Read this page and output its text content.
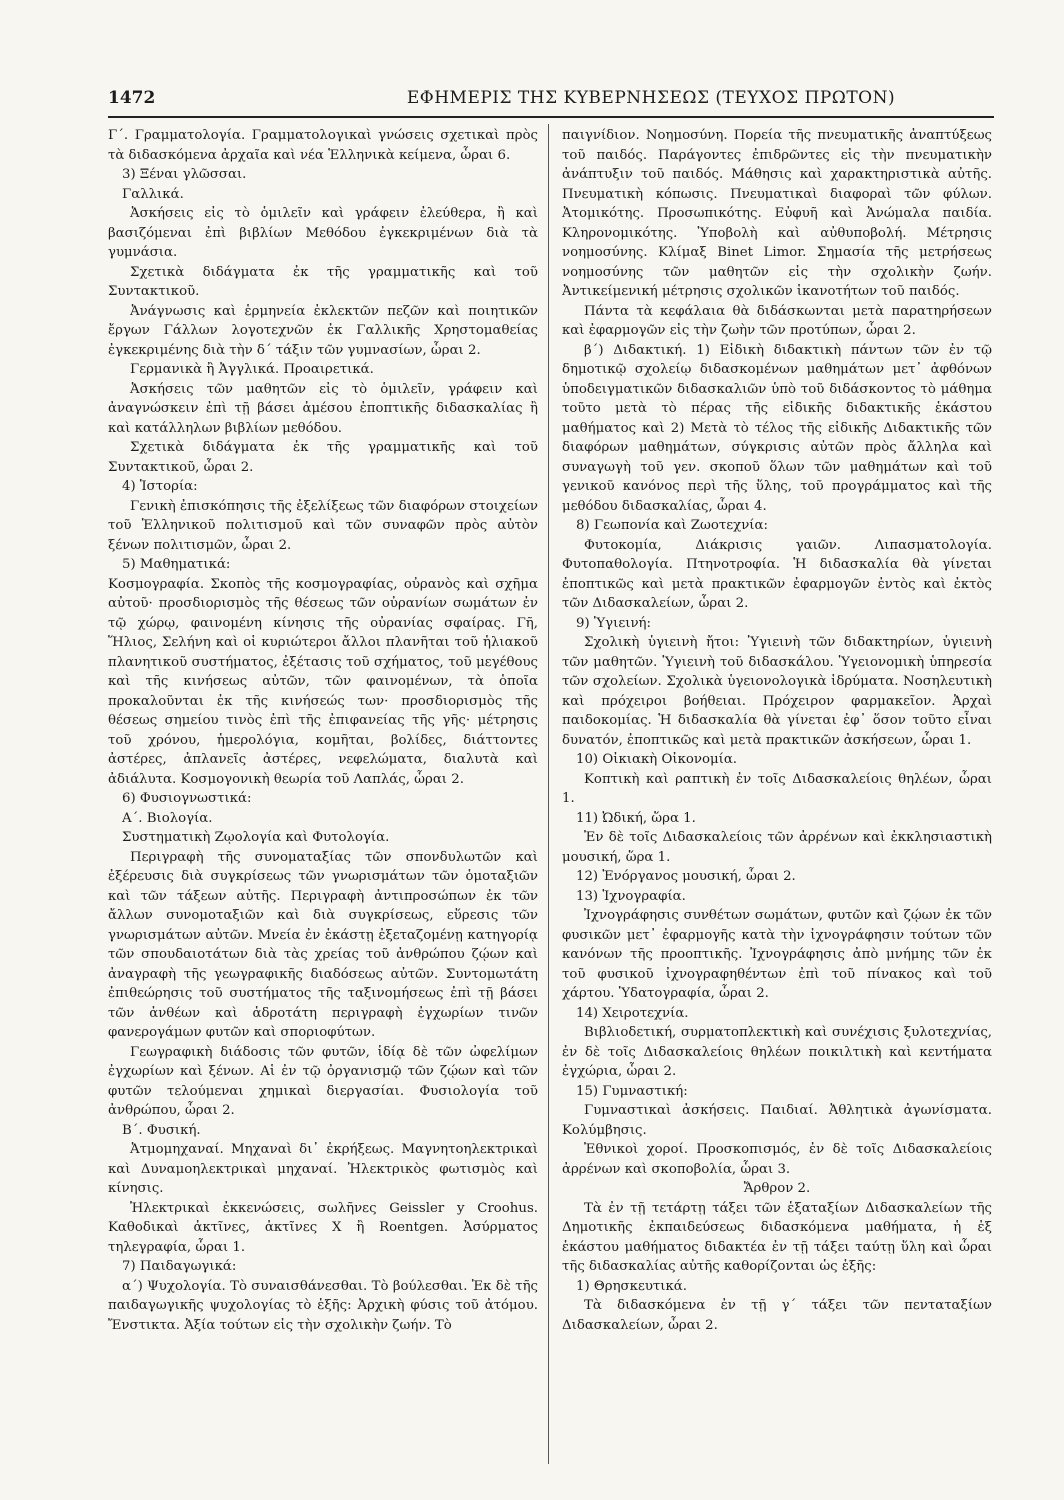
1472	ΕΦΗΜΕΡΙΣ ΤΗΣ ΚΥΒΕΡΝΗΣΕΩΣ (ΤΕΥΧΟΣ ΠΡΩΤΟΝ)

Γ΄. Γραμματολογία. Γραμματολογικαὶ γνώσεις σχετικαὶ πρὸς τὰ διδασκόμενα ἀρχαῖα καὶ νέα Ἑλληνικὰ κείμενα, ὧραι 6.

3) Ξέναι γλῶσσαι.

Γαλλικά.

Ἀσκήσεις εἰς τὸ ὁμιλεῖν καὶ γράφειν ἐλεύθερα, ἢ καὶ βασιζόμεναι ἐπὶ βιβλίων Μεθόδου ἐγκεκριμένων διὰ τὰ γυμνάσια.

Σχετικὰ διδάγματα ἐκ τῆς γραμματικῆς καὶ τοῦ Συντακτικοῦ.

Ἀνάγνωσις καὶ ἑρμηνεία ἐκλεκτῶν πεζῶν καὶ ποιητικῶν ἔργων Γάλλων λογοτεχνῶν ἐκ Γαλλικῆς Χρηστομαθείας ἐγκεκριμένης διὰ τὴν δ΄ τάξιν τῶν γυμνασίων, ὧραι 2.

Γερμανικὰ ἢ Ἀγγλικά. Προαιρετικά.

Ἀσκήσεις τῶν μαθητῶν εἰς τὸ ὁμιλεῖν, γράφειν καὶ ἀναγνώσκειν ἐπὶ τῇ βάσει ἀμέσου ἐποπτικῆς διδασκαλίας ἢ καὶ κατάλληλων βιβλίων μεθόδου.

Σχετικὰ διδάγματα ἐκ τῆς γραμματικῆς καὶ τοῦ Συντακτικοῦ, ὧραι 2.

4) Ἱστορία:

Γενικὴ ἐπισκόπησις τῆς ἐξελίξεως τῶν διαφόρων στοιχείων τοῦ Ἑλληνικοῦ πολιτισμοῦ καὶ τῶν συναφῶν πρὸς αὐτὸν ξένων πολιτισμῶν, ὧραι 2.

5) Μαθηματικά:

Κοσμογραφία. Σκοπὸς τῆς κοσμογραφίας, οὐρανὸς καὶ σχῆμα αὐτοῦ· προσδιορισμὸς τῆς θέσεως τῶν οὐρανίων σωμάτων ἐν τῷ χώρῳ, φαινομένη κίνησις τῆς οὐρανίας σφαίρας. Γῆ, Ἥλιος, Σελήνη καὶ οἱ κυριώτεροι ἄλλοι πλανῆται τοῦ ἡλιακοῦ πλανητικοῦ συστήματος, ἐξέτασις τοῦ σχήματος, τοῦ μεγέθους καὶ τῆς κινήσεως αὐτῶν, τῶν φαινομένων, τὰ ὁποῖα προκαλοῦνται ἐκ τῆς κινήσεώς των· προσδιορισμὸς τῆς θέσεως σημείου τινὸς ἐπὶ τῆς ἐπιφανείας τῆς γῆς· μέτρησις τοῦ χρόνου, ἡμερολόγια, κομῆται, βολίδες, διάττοντες ἀστέρες, ἀπλανεῖς ἀστέρες, νεφελώματα, διαλυτὰ καὶ ἀδιάλυτα. Κοσμογονικὴ θεωρία τοῦ Λαπλάς, ὧραι 2.

6) Φυσιογνωστικά:

Α΄. Βιολογία.

Συστηματικὴ Ζῳολογία καὶ Φυτολογία.

Περιγραφὴ τῆς συνοματαξίας τῶν σπονδυλωτῶν καὶ ἐξέρευσις διὰ συγκρίσεως τῶν γνωρισμάτων τῶν ὁμοταξιῶν καὶ τῶν τάξεων αὐτῆς. Περιγραφὴ ἀντιπροσώπων ἐκ τῶν ἄλλων συνομοταξιῶν καὶ διὰ συγκρίσεως, εὕρεσις τῶν γνωρισμάτων αὐτῶν. Μνεία ἐν ἑκάστῃ ἐξεταζομένῃ κατηγορίᾳ τῶν σπουδαιοτάτων διὰ τὰς χρείας τοῦ ἀνθρώπου ζῴων καὶ ἀναγραφὴ τῆς γεωγραφικῆς διαδόσεως αὐτῶν. Συντομωτάτη ἐπιθεώρησις τοῦ συστήματος τῆς ταξινομήσεως ἐπὶ τῇ βάσει τῶν ἀνθέων καὶ ἁδροτάτη περιγραφὴ ἐγχωρίων τινῶν φανερογάμων φυτῶν καὶ σποριοφύτων.

Γεωγραφικὴ διάδοσις τῶν φυτῶν, ἰδίᾳ δὲ τῶν ὠφελίμων ἐγχωρίων καὶ ξένων. Αἱ ἐν τῷ ὀργανισμῷ τῶν ζῴων καὶ τῶν φυτῶν τελούμεναι χημικαὶ διεργασίαι. Φυσιολογία τοῦ ἀνθρώπου, ὧραι 2.

Β΄. Φυσική.

Ἀτμομηχαναί. Μηχαναὶ δι᾽ ἐκρήξεως. Μαγνητοηλεκτρικαὶ καὶ Δυναμοηλεκτρικαὶ μηχαναί. Ἠλεκτρικὸς φωτισμὸς καὶ κίνησις.

Ἠλεκτρικαὶ ἐκκενώσεις, σωλῆνες Geissler y Croohus. Καθοδικαὶ ἀκτῖνες, ἀκτῖνες Χ ἢ Roentgen. Ἀσύρματος τηλεγραφία, ὧραι 1.

7) Παιδαγωγικά:

α΄) Ψυχολογία. Τὸ συναισθάνεσθαι. Τὸ βούλεσθαι. Ἐκ δὲ τῆς παιδαγωγικῆς ψυχολογίας τὸ ἑξῆς: Ἀρχικὴ φύσις τοῦ ἀτόμου. Ἔνστικτα. Ἀξία τούτων εἰς τὴν σχολικὴν ζωήν. Τὸ

παιγνίδιον. Νοημοσύνη. Πορεία τῆς πνευματικῆς ἀναπτύξεως τοῦ παιδός. Παράγοντες ἐπιδρῶντες εἰς τὴν πνευματικὴν ἀνάπτυξιν τοῦ παιδός. Μάθησις καὶ χαρακτηριστικὰ αὐτῆς. Πνευματικὴ κόπωσις. Πνευματικαὶ διαφοραὶ τῶν φύλων. Ἀτομικότης. Προσωπικότης. Εὐφυῆ καὶ Ἀνώμαλα παιδία. Κληρονομικότης. Ὑποβολὴ καὶ αὐθυποβολή. Μέτρησις νοημοσύνης. Κλίμαξ Binet Limor. Σημασία τῆς μετρήσεως νοημοσύνης τῶν μαθητῶν εἰς τὴν σχολικὴν ζωήν. Ἀντικείμενική μέτρησις σχολικῶν ἱκανοτήτων τοῦ παιδός.

Πάντα τὰ κεφάλαια θὰ διδάσκωνται μετὰ παρατηρήσεων καὶ ἐφαρμογῶν εἰς τὴν ζωὴν τῶν προτύπων, ὧραι 2.

β΄) Διδακτική. 1) Εἰδικὴ διδακτικὴ πάντων τῶν ἐν τῷ δημοτικῷ σχολείῳ διδασκομένων μαθημάτων μετ᾽ ἀφθόνων ὑποδειγματικῶν διδασκαλιῶν ὑπὸ τοῦ διδάσκοντος τὸ μάθημα τοῦτο μετὰ τὸ πέρας τῆς εἰδικῆς διδακτικῆς ἑκάστου μαθήματος καὶ 2) Μετὰ τὸ τέλος τῆς εἰδικῆς Διδακτικῆς τῶν διαφόρων μαθημάτων, σύγκρισις αὐτῶν πρὸς ἄλληλα καὶ συναγωγὴ τοῦ γεν. σκοποῦ ὅλων τῶν μαθημάτων καὶ τοῦ γενικοῦ κανόνος περὶ τῆς ὕλης, τοῦ προγράμματος καὶ τῆς μεθόδου διδασκαλίας, ὧραι 4.

8) Γεωπονία καὶ Ζωοτεχνία:

Φυτοκομία, Διάκρισις γαιῶν. Λιπασματολογία. Φυτοπαθολογία. Πτηνοτροφία. Ἡ διδασκαλία θὰ γίνεται ἐποπτικῶς καὶ μετὰ πρακτικῶν ἐφαρμογῶν ἐντὸς καὶ ἐκτὸς τῶν Διδασκαλείων, ὧραι 2.

9) Ὑγιεινή:

Σχολικὴ ὑγιεινὴ ἤτοι: Ὑγιεινὴ τῶν διδακτηρίων, ὑγιεινὴ τῶν μαθητῶν. Ὑγιεινὴ τοῦ διδασκάλου. Ὑγειονομικὴ ὑπηρεσία τῶν σχολείων. Σχολικὰ ὑγειονολογικὰ ἱδρύματα. Νοσηλευτικὴ καὶ πρόχειροι βοήθειαι. Πρόχειρον φαρμακεῖον. Ἀρχαὶ παιδοκομίας. Ἡ διδασκαλία θὰ γίνεται ἐφ᾽ ὅσον τοῦτο εἶναι δυνατόν, ἐποπτικῶς καὶ μετὰ πρακτικῶν ἀσκήσεων, ὧραι 1.

10) Οἰκιακὴ Οἰκονομία.

Κοπτικὴ καὶ ραπτικὴ ἐν τοῖς Διδασκαλείοις θηλέων, ὧραι 1.

11) Ὠδική, ὥρα 1.

Ἐν δὲ τοῖς Διδασκαλείοις τῶν ἀρρένων καὶ ἐκκλησιαστικὴ μουσική, ὥρα 1.

12) Ἐνόργανος μουσική, ὧραι 2.

13) Ἰχνογραφία.

Ἰχνογράφησις συνθέτων σωμάτων, φυτῶν καὶ ζῴων ἐκ τῶν φυσικῶν μετ᾽ ἐφαρμογῆς κατὰ τὴν ἰχνογράφησιν τούτων τῶν κανόνων τῆς προοπτικῆς. Ἰχνογράφησις ἀπὸ μνήμης τῶν ἐκ τοῦ φυσικοῦ ἰχνογραφηθέντων ἐπὶ τοῦ πίνακος καὶ τοῦ χάρτου. Ὑδατογραφία, ὧραι 2.

14) Χειροτεχνία.

Βιβλιοδετική, συρματοπλεκτικὴ καὶ συνέχισις ξυλοτεχνίας, ἐν δὲ τοῖς Διδασκαλείοις θηλέων ποικιλτικὴ καὶ κεντήματα ἐγχώρια, ὧραι 2.

15) Γυμναστική:

Γυμναστικαὶ ἀσκήσεις. Παιδιαί. Ἀθλητικὰ ἀγωνίσματα. Κολύμβησις.

Ἐθνικοὶ χοροί. Προσκοπισμός, ἐν δὲ τοῖς Διδασκαλείοις ἀρρένων καὶ σκοποβολία, ὧραι 3.

Ἄρθρον 2.

Τὰ ἐν τῇ τετάρτῃ τάξει τῶν ἑξαταξίων Διδασκαλείων τῆς Δημοτικῆς ἐκπαιδεύσεως διδασκόμενα μαθήματα, ἡ ἐξ ἑκάστου μαθήματος διδακτέα ἐν τῇ τάξει ταύτῃ ὕλη καὶ ὧραι τῆς διδασκαλίας αὐτῆς καθορίζονται ὡς ἑξῆς:

1) Θρησκευτικά.

Τὰ διδασκόμενα ἐν τῇ γ΄ τάξει τῶν πενταταξίων Διδασκαλείων, ὧραι 2.
